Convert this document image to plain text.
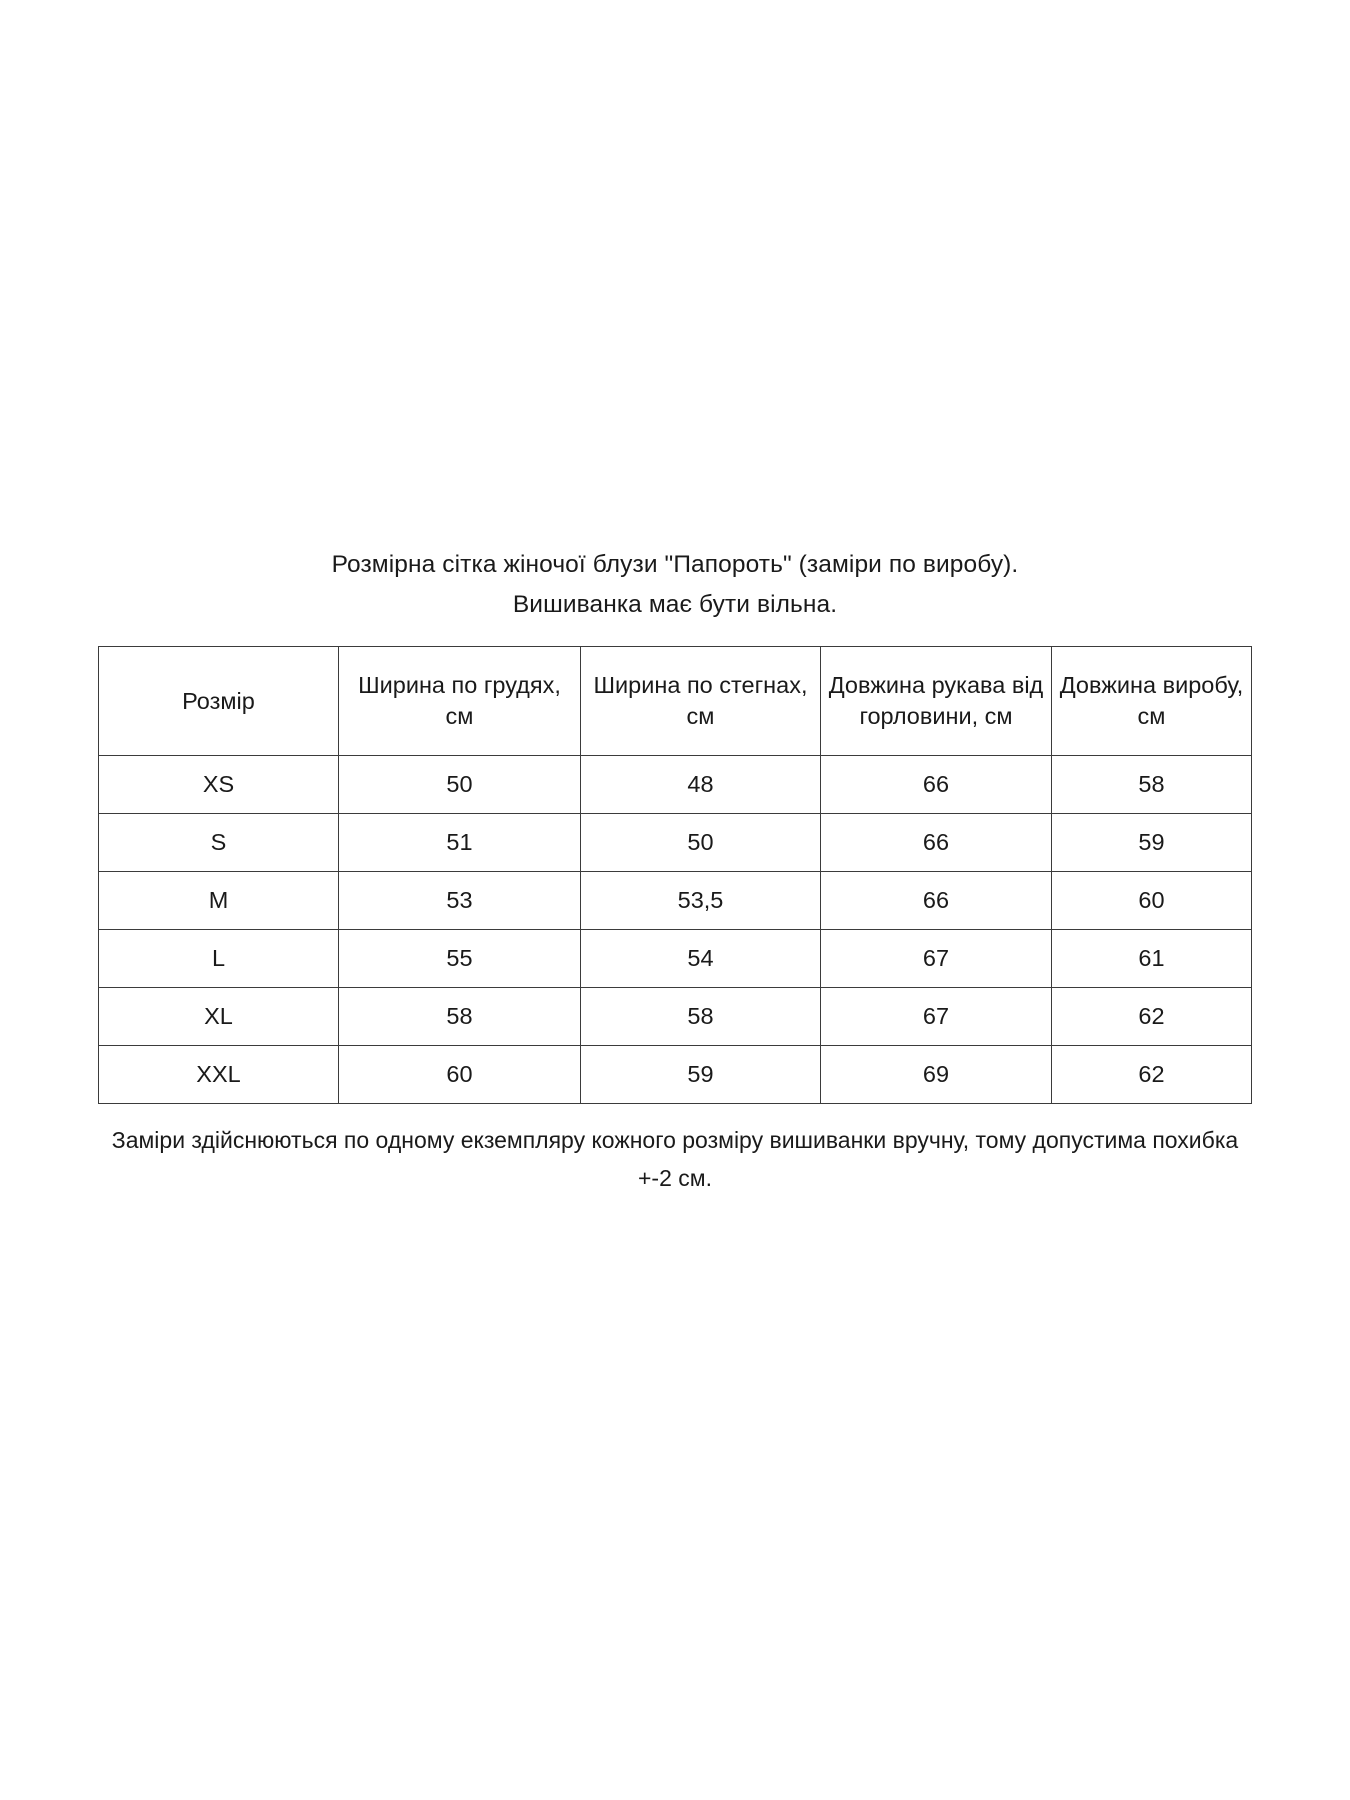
Розмірна сітка жіночої блузи "Папороть" (заміри по виробу).
Вишиванка має бути вільна.
Розмір	Ширина по грудях, см	Ширина по стегнах, см	Довжина рукава від горловини, см	Довжина виробу, см
XS	50	48	66	58
S	51	50	66	59
M	53	53,5	66	60
L	55	54	67	61
XL	58	58	67	62
XXL	60	59	69	62
Заміри здійснюються по одному екземпляру кожного розміру вишиванки вручну, тому допустима похибка +-2 см.
